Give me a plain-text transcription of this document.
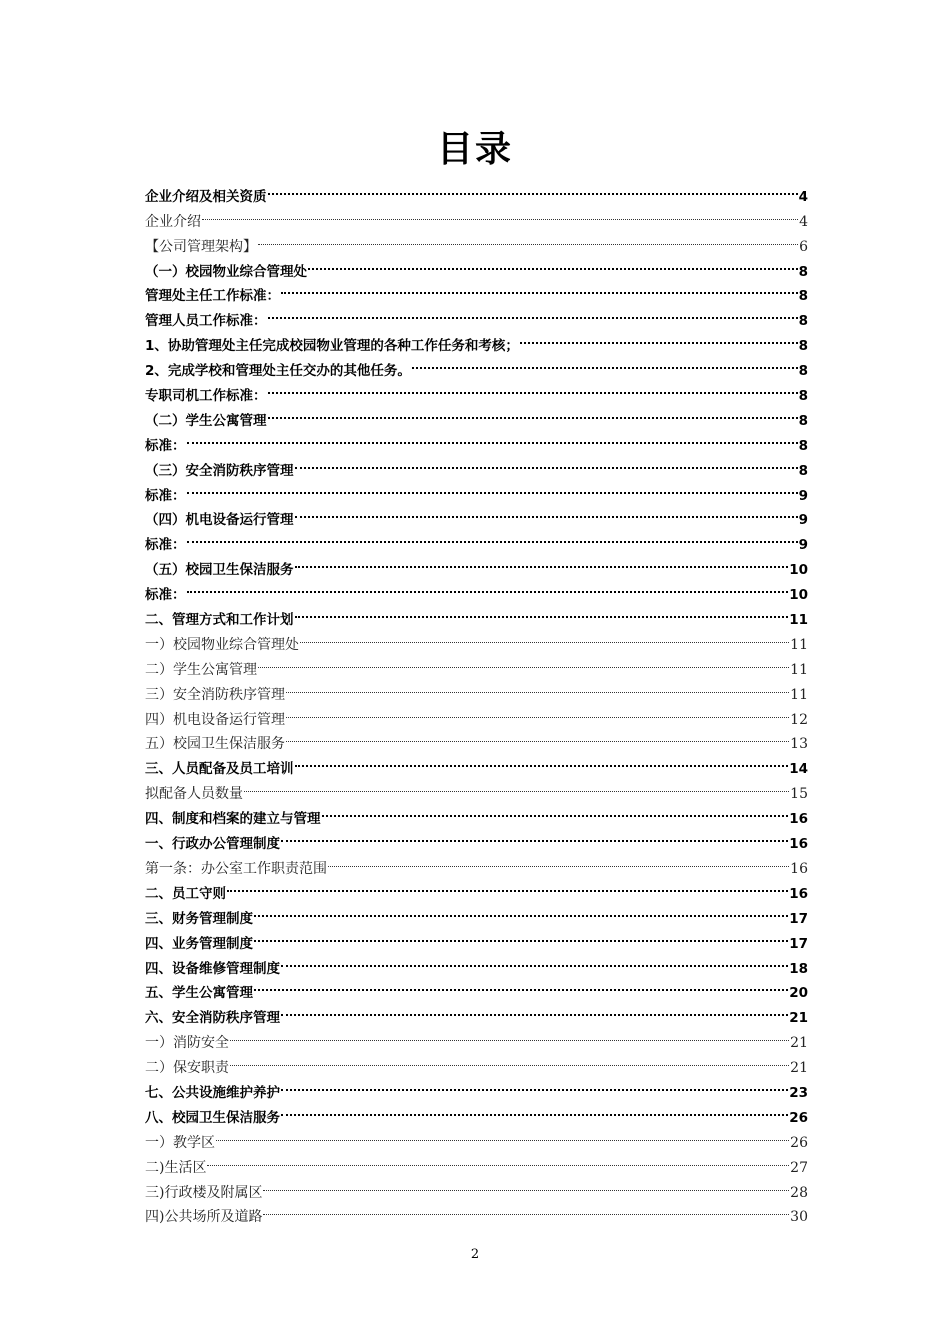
目录
企业介绍及相关资质	4
企业介绍	4
【公司管理架构】	6
（一）校园物业综合管理处	8
管理处主任工作标准：	8
管理人员工作标准：	8
1、协助管理处主任完成校园物业管理的各种工作任务和考核；	8
2、完成学校和管理处主任交办的其他任务。	8
专职司机工作标准：	8
（二）学生公寓管理	8
标准：	8
（三）安全消防秩序管理	8
标准：	9
（四）机电设备运行管理	9
标准：	9
（五）校园卫生保洁服务	10
标准：	10
二、管理方式和工作计划	11
一）校园物业综合管理处	11
二）学生公寓管理	11
三）安全消防秩序管理	11
四）机电设备运行管理	12
五）校园卫生保洁服务	13
三、人员配备及员工培训	14
拟配备人员数量	15
四、制度和档案的建立与管理	16
一、行政办公管理制度	16
第一条：办公室工作职责范围	16
二、员工守则	16
三、财务管理制度	17
四、业务管理制度	17
四、设备维修管理制度	18
五、学生公寓管理	20
六、安全消防秩序管理	21
一）消防安全	21
二）保安职责	21
七、公共设施维护养护	23
八、校园卫生保洁服务	26
一）教学区	26
二)生活区	27
三)行政楼及附属区	28
四)公共场所及道路	30
2
